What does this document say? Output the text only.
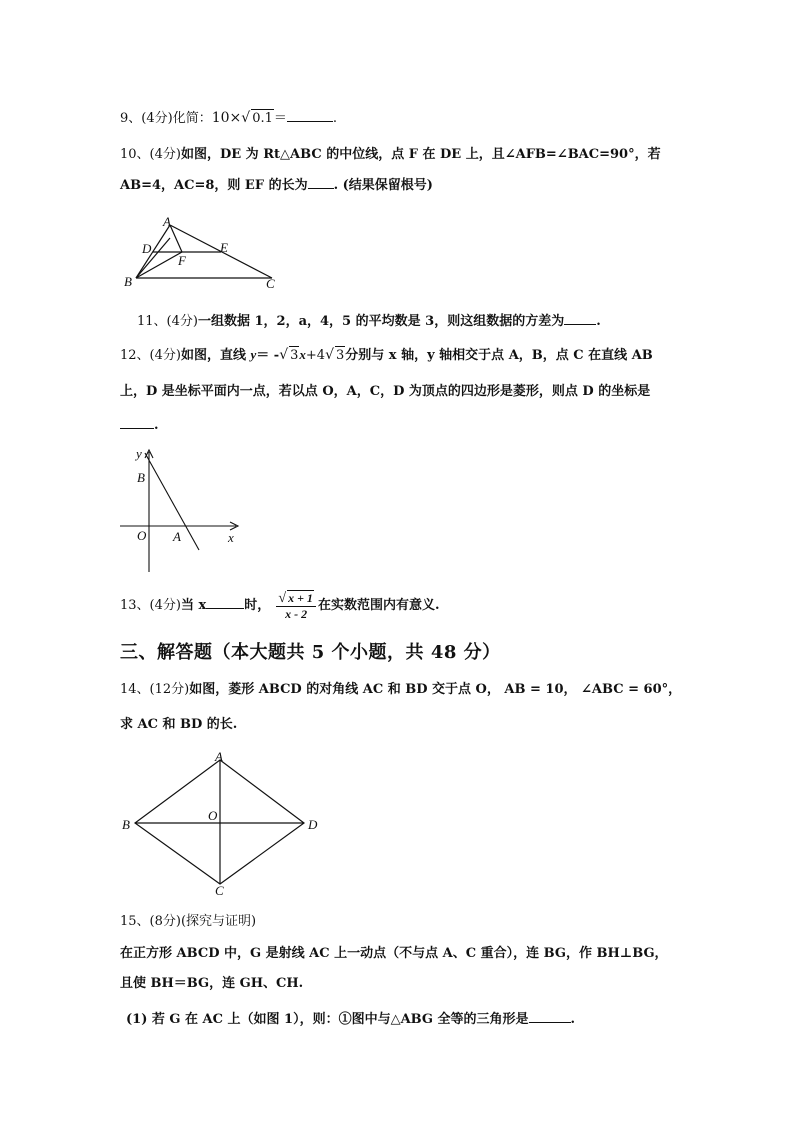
9、(4分)化简：10×√ 0.1＝	.
10、(4分)如图，DE 为 Rt△ABC 的中位线，点 F 在 DE 上，且∠AFB=∠BAC=90°，若
AB=4，AC=8，则 EF 的长为 . (结果保留根号)
A
B	C
D	E
F
11、(4分)一组数据 1，2，a，4，5 的平均数是 3，则这组数据的方差为 .
12、(4分)如图，直线 y＝ -√ 3x+4√ 3分别与 x 轴，y 轴相交于点 A，B，点 C 在直线 AB
上，D 是坐标平面内一点，若以点 O，A，C，D 为顶点的四边形是菱形，则点 D 的坐标是
.
y
x
O A
B
13、(4分)当 x	时， $\frac{√ x + 1}{x - 2}$ 在实数范围内有意义.
三、解答题（本大题共 5 个小题，共 48 分）
14、(12分)如图，菱形 ABCD 的对角线 AC 和 BD 交于点 O， AB = 10， ∠ABC = 60°，
求 AC 和 BD 的长.
A
B
C
D
O
15、(8分)(探究与证明)
在正方形 ABCD 中，G 是射线 AC 上一动点（不与点 A、C 重合），连 BG，作 BH⊥BG，
且使 BH＝BG，连 GH、CH.
(1) 若 G 在 AC 上（如图 1），则：①图中与△ABG 全等的三角形是	.
